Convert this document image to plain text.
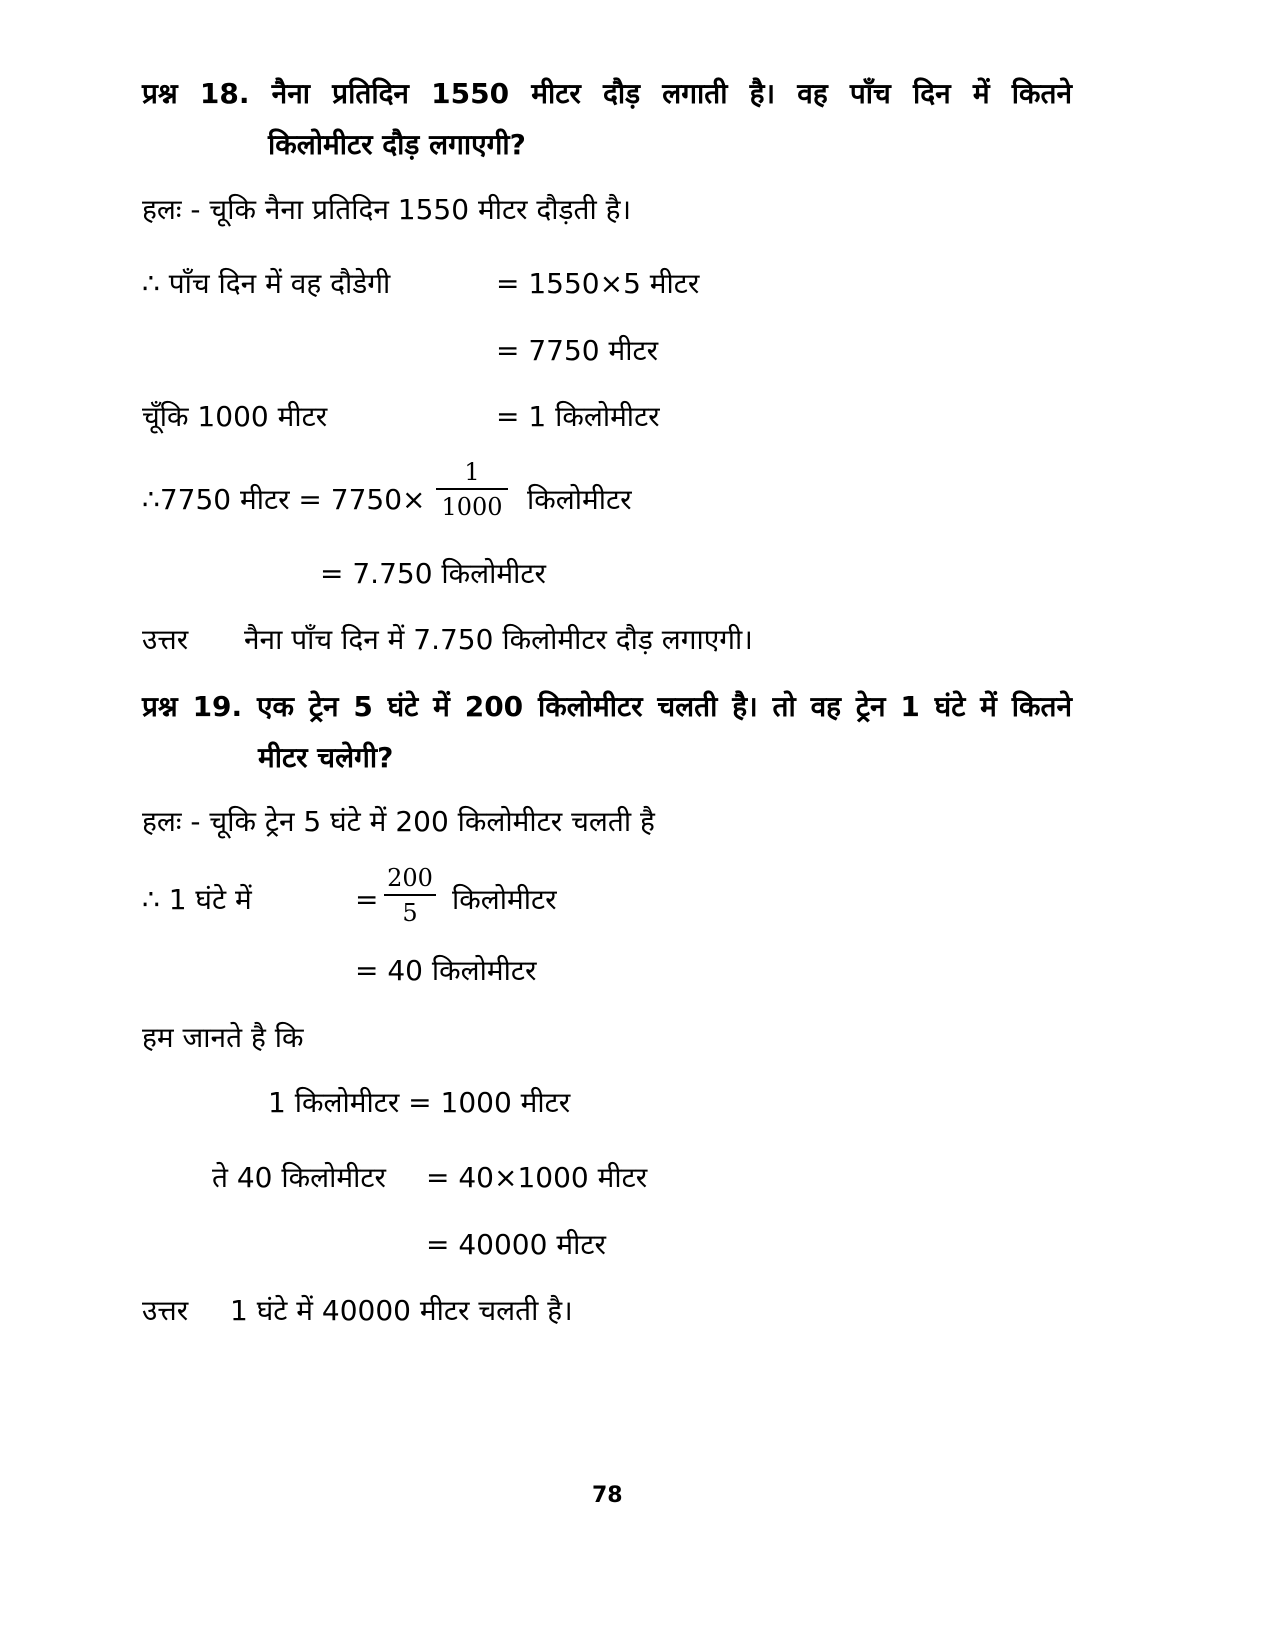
प्रश्न 18. नैना प्रतिदिन 1550 मीटर दौड़ लगाती है। वह पाँच दिन में कितने
किलोमीटर दौड़ लगाएगी?
हलः - चूकि नैना प्रतिदिन 1550 मीटर दौड़ती है।
∴ पाँच दिन में वह दौडेगी	= 1550×5 मीटर
= 7750 मीटर
चूँकि 1000 मीटर	= 1 किलोमीटर
∴7750 मीटर = 7750×
1
1000 किलोमीटर
= 7.750 किलोमीटर
उत्तर नैना पाँच दिन में 7.750 किलोमीटर दौड़ लगाएगी।
प्रश्न 19. एक ट्रेन 5 घंटे में 200 किलोमीटर चलती है। तो वह ट्रेन 1 घंटे में कितने
मीटर चलेगी?
हलः - चूकि ट्रेन 5 घंटे में 200 किलोमीटर चलती है
∴ 1 घंटे में	=
200
5	किलोमीटर
= 40 किलोमीटर
हम जानते है कि
1 किलोमीटर = 1000 मीटर
ते 40 किलोमीटर = 40×1000 मीटर
= 40000 मीटर
उत्तर 1 घंटे में 40000 मीटर चलती है।
78
